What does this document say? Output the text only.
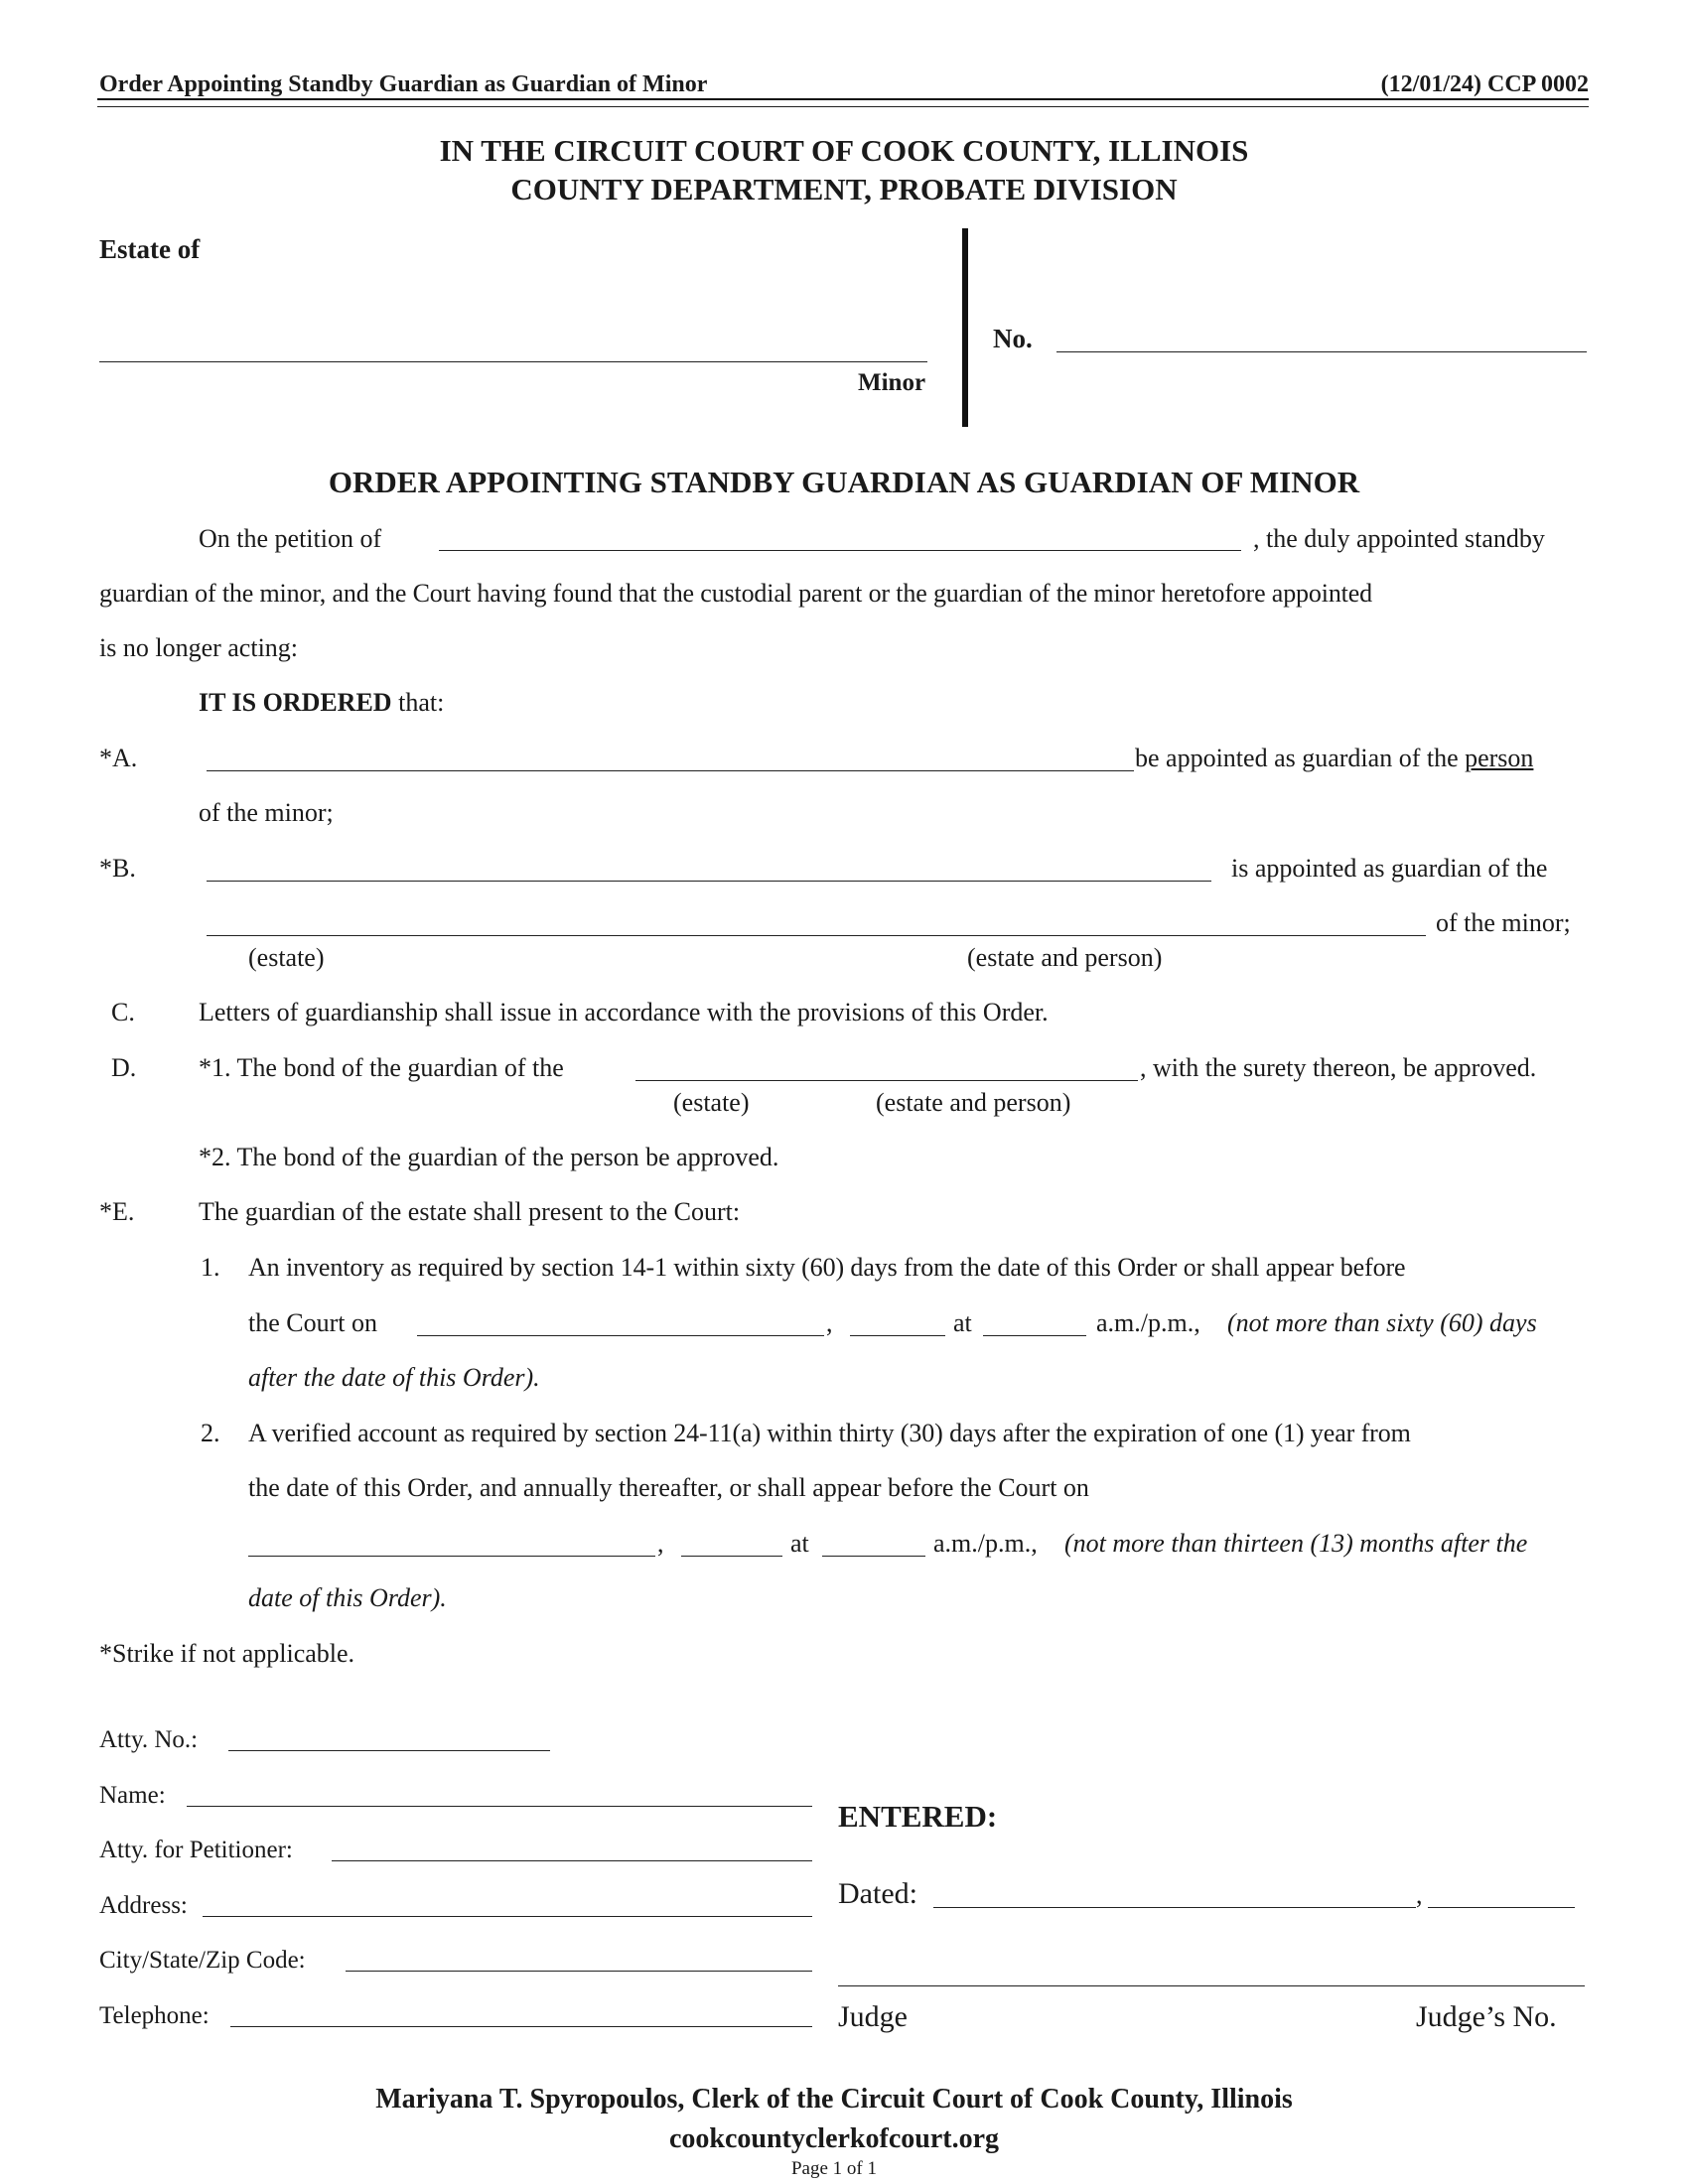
Order Appointing Standby Guardian as Guardian of Minor	(12/01/24) CCP 0002
IN THE CIRCUIT COURT OF COOK COUNTY, ILLINOIS
COUNTY DEPARTMENT, PROBATE DIVISION
Estate of
Minor
No.
ORDER APPOINTING STANDBY GUARDIAN AS GUARDIAN OF MINOR
On the petition of	, the duly appointed standby
guardian of the minor, and the Court having found that the custodial parent or the guardian of the minor heretofore appointed
is no longer acting:
IT IS ORDERED that:
*A.	be appointed as guardian of the person
of the minor;
*B.	is appointed as guardian of the
of the minor;
(estate)	(estate and person)
C. Letters of guardianship shall issue in accordance with the provisions of this Order.
D. *1. The bond of the guardian of the	, with the surety thereon, be approved.
(estate)	(estate and person)
*2. The bond of the guardian of the person be approved.
*E. The guardian of the estate shall present to the Court:
1. An inventory as required by section 14-1 within sixty (60) days from the date of this Order or shall appear before
the Court on	,	at	a.m./p.m., (not more than sixty (60) days
after the date of this Order).
2. A verified account as required by section 24-11(a) within thirty (30) days after the expiration of one (1) year from
the date of this Order, and annually thereafter, or shall appear before the Court on
,	at	a.m./p.m., (not more than thirteen (13) months after the
date of this Order).
*Strike if not applicable.
Atty. No.:
Name:
Atty. for Petitioner:
Address:
City/State/Zip Code:
Telephone:
ENTERED:
Dated:	,
Judge	Judge’s No.
Mariyana T. Spyropoulos, Clerk of the Circuit Court of Cook County, Illinois
cookcountyclerkofcourt.org
Page 1 of 1
